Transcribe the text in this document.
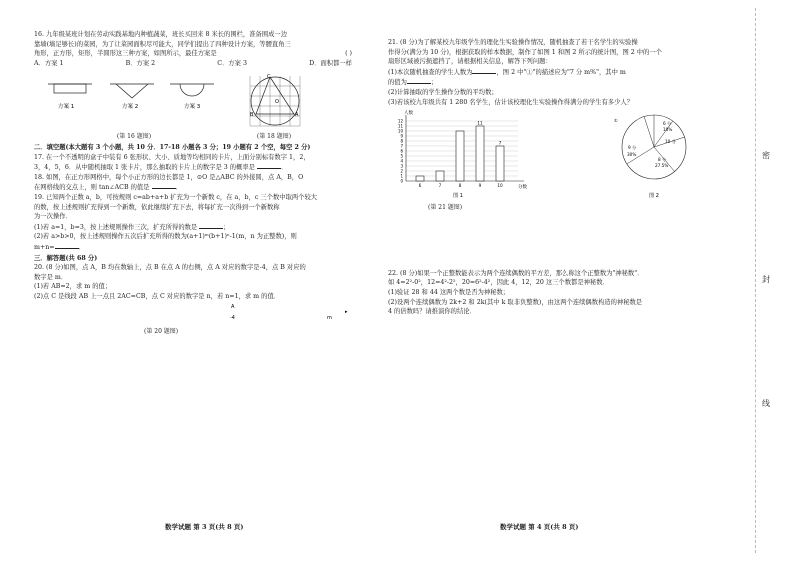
16. 九年级某班计划在劳动实践基地内种植蔬菜，班长买回来 8 米长的围栏，准备围成一边

靠墙(墙足够长)的菜园，为了让菜园面积尽可能大，同学们提出了四种设计方案，等腰直角三

角形，正方形，矩形，半圆形这三种方案，如图所示，最佳方案是	( )

A．方案 1	B．方案 2	C．方案 3	D．面积都一样
方案 1	方案 2	方案 3
C
B
O
A
(第 16 题图)	(第 18 题图)

二．填空题(本大题有 3 个小题，共 10 分．17-18 小题各 3 分；19 小题有 2 个空，每空 2 分)

17. 在一个不透明的盒子中装有 6 张形状、大小、质地等均相同的卡片，上面分别标有数字 1，2，

3，4，5，6．从中随机抽取 1 张卡片，那么抽取的卡片上的数字是 3 的概率是	．

18. 如图，在正方形网格中，每个小正方形的边长都是 1，⊙O 是△ABC 的外接圆，点 A，B，O

在网格线的交点上，则 tan∠ACB 的值是	．

19. 已知两个正数 a，b，可按规则 c=ab+a+b 扩充为一个新数 c，在 a，b，c 三个数中取两个较大

的数，按上述规则扩充得到一个新数，依此继续扩充下去，将每扩充一次得到一个新数称

为一次操作．

(1)若 a=1，b=3，按上述规则操作三次，扩充所得的数是	；

(2)若 a>b>0，按上述规则操作五次后扩充所得的数为(a+1)ᵐ(b+1)ⁿ-1(m，n 为正整数)，则

m+n=	．

三．解答题(共 68 分)

20. (8 分)如图，点 A，B 均在数轴上，点 B 在点 A 的右侧，点 A 对应的数字是-4，点 B 对应的

数字是 m．

(1)若 AB=2，求 m 的值；

(2)点 C 是线段 AB 上一点且 2AC=CB，点 C 对应的数字是 n，若 n=1，求 m 的值．

A
-4	m
▸

(第 20 题图)

21. (8 分)为了解某校九年级学生的理化生实验操作情况，随机抽查了若干名学生的实验操

作得分(满分为 10 分)，根据获取的样本数据，制作了如图 1 和图 2 所示的统计图，图 2 中的一个

扇形区域被污损遮挡了，请根据相关信息，解答下列问题：

(1)本次随机抽查的学生人数为	，图 2 中"①"的描述应为"7 分 m%"，其中 m

的值为	；

(2)计算抽取的学生操作分数的平均数；

(3)若该校九年级共有 1 280 名学生，估计该校理化生实验操作得满分的学生有多少人？

0
1
2
3
4
5
6
7
8
9
10
11
12
人数
分数
6	7	8	9	10
11
7
图 1
①
6 分
10%
10 分
8 分
27.5%
9 分
30%
图 2

(第 21 题图)

22. (8 分)如果一个正整数能表示为两个连续偶数的平方差，那么称这个正整数为"神秘数"．

如 4=2²-0²，12=4²-2²，20=6²-4²，因此 4，12，20 这三个数都是神秘数．

(1)验证 28 和 44 这两个数是否为神秘数；

(2)设两个连续偶数为 2k+2 和 2k(其中 k 取非负整数)，由这两个连续偶数构造的神秘数是

4 的倍数吗？请推演你的结论．

数学试题 第 3 页(共 8 页)	数学试题 第 4 页(共 8 页)
密
封
线
